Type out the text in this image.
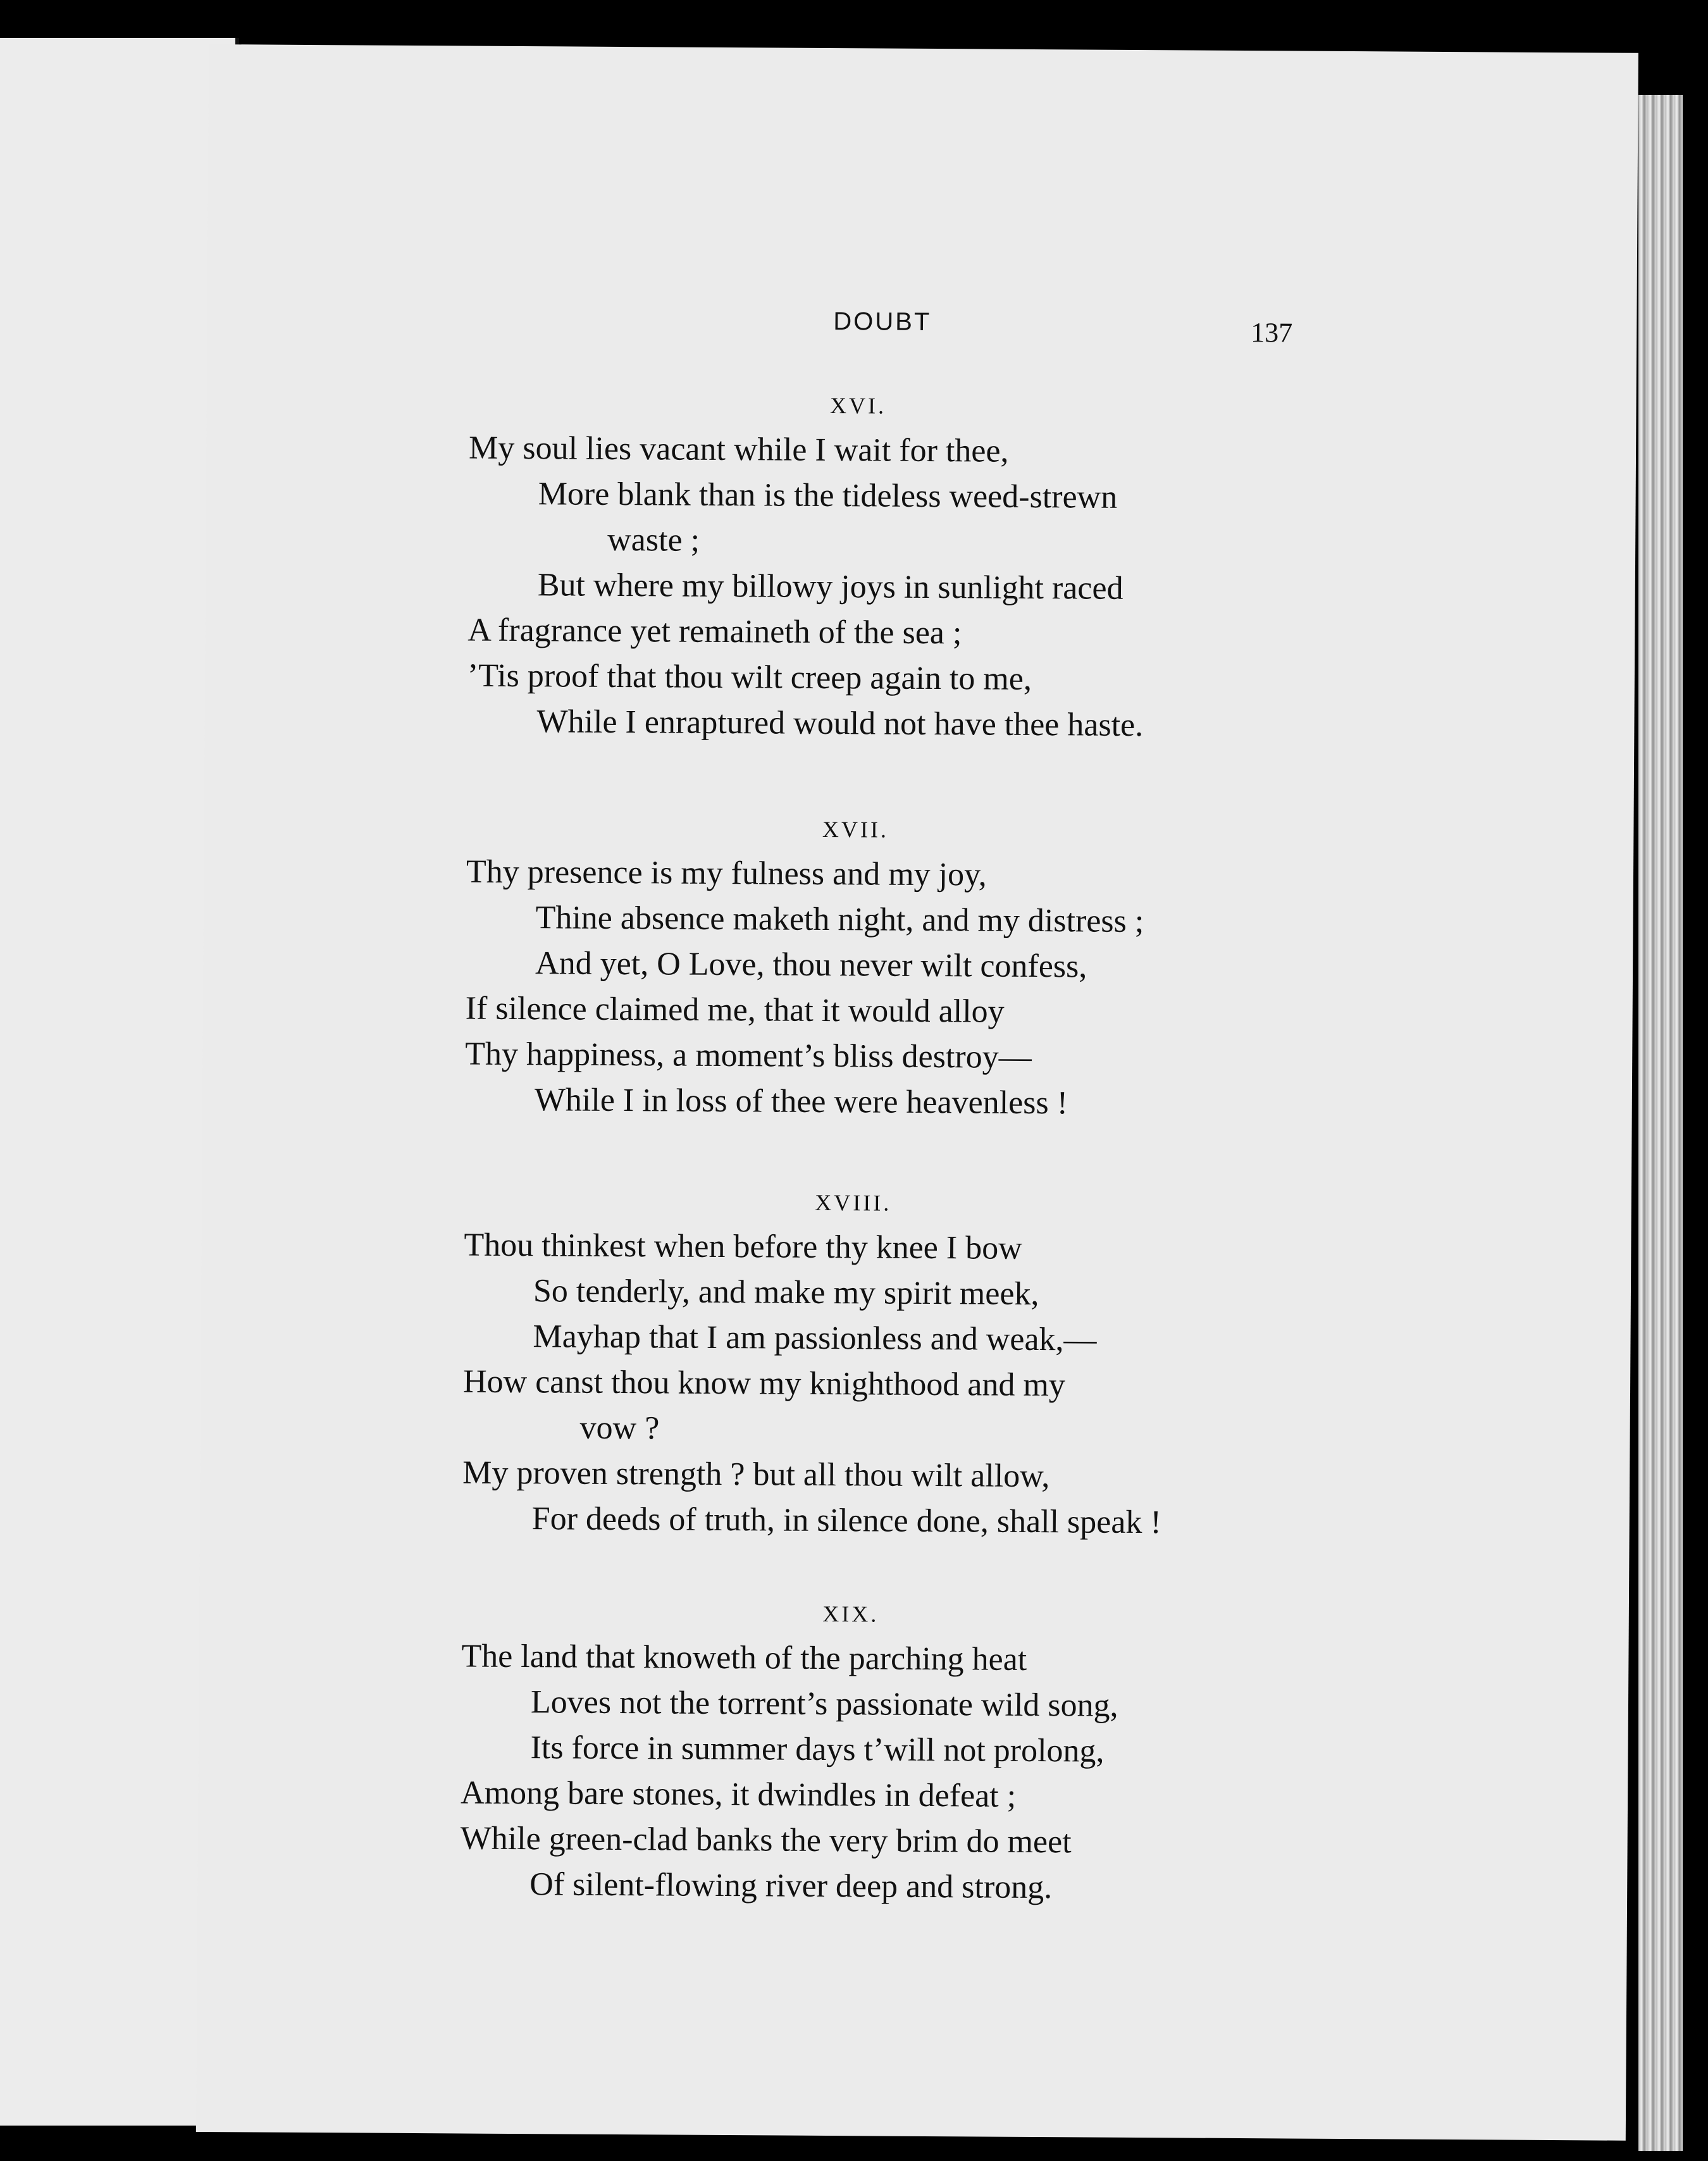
DOUBT	137
XVI.
My soul lies vacant while I wait for thee,
More blank than is the tideless weed-strewn
waste ;
But where my billowy joys in sunlight raced
A fragrance yet remaineth of the sea ;
’Tis proof that thou wilt creep again to me,
While I enraptured would not have thee haste.
XVII.
Thy presence is my fulness and my joy,
Thine absence maketh night, and my distress ;
And yet, O Love, thou never wilt confess,
If silence claimed me, that it would alloy
Thy happiness, a moment’s bliss destroy—
While I in loss of thee were heavenless !
XVIII.
Thou thinkest when before thy knee I bow
So tenderly, and make my spirit meek,
Mayhap that I am passionless and weak,—
How canst thou know my knighthood and my
vow ?
My proven strength ? but all thou wilt allow,
For deeds of truth, in silence done, shall speak !
XIX.
The land that knoweth of the parching heat
Loves not the torrent’s passionate wild song,
Its force in summer days t’will not prolong,
Among bare stones, it dwindles in defeat ;
While green-clad banks the very brim do meet
Of silent-flowing river deep and strong.
